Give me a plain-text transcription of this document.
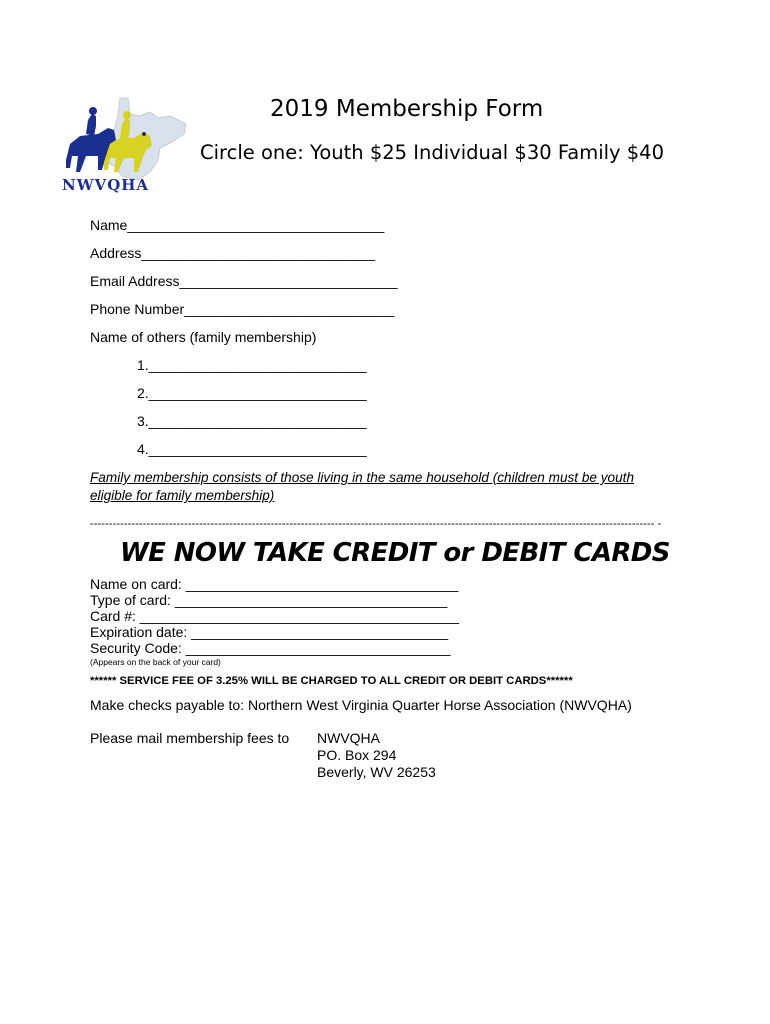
NWVQHA
2019 Membership Form
Circle one: Youth $25 Individual $30 Family $40
Name_________________________________
Address______________________________
Email Address____________________________
Phone Number___________________________
Name of others (family membership)
1.____________________________
2.____________________________
3.____________________________
4.____________________________
Family membership consists of those living in the same household (children must be youth eligible for family membership)
------------------------------------------------------------------------------------------------------------------------------------------------------ -
WE NOW TAKE CREDIT or DEBIT CARDS
Name on card: ___________________________________
Type of card: ___________________________________
Card #: _________________________________________
Expiration date: _________________________________
Security Code: __________________________________
(Appears on the back of your card)
****** SERVICE FEE OF 3.25% WILL BE CHARGED TO ALL CREDIT OR DEBIT CARDS******
Make checks payable to: Northern West Virginia Quarter Horse Association (NWVQHA)
Please mail membership fees to NWVQHA
PO. Box 294
Beverly, WV 26253
